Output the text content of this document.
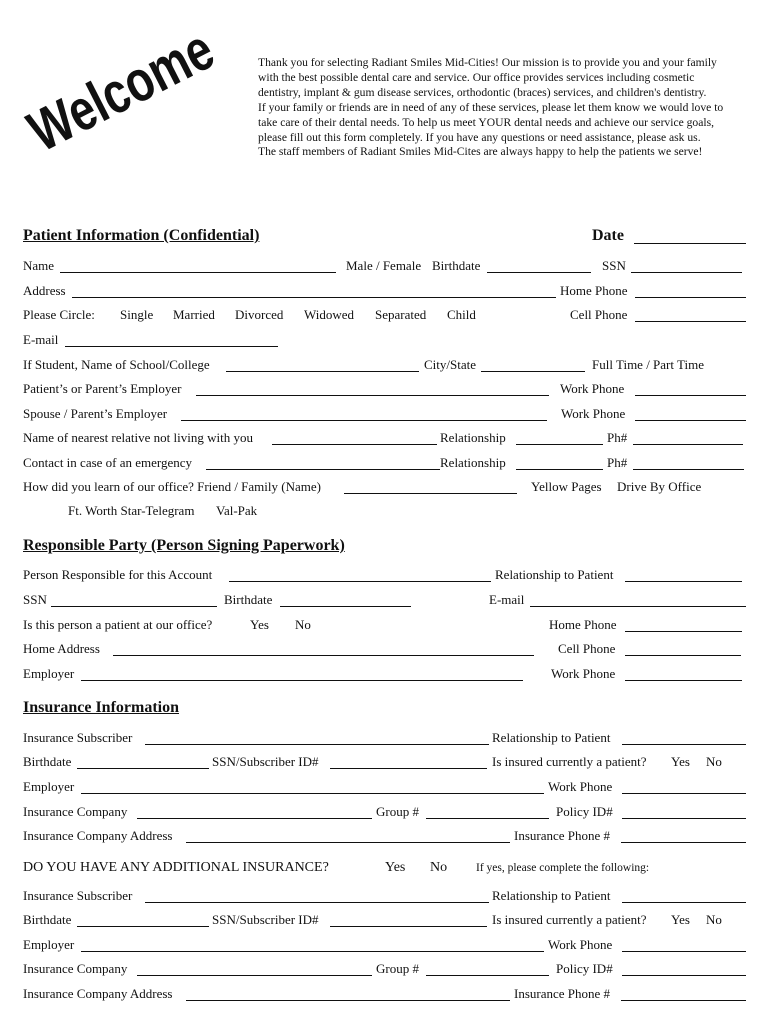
Welcome	Thank you for selecting Radiant Smiles Mid-Cities! Our mission is to provide you and your family
with the best possible dental care and service. Our office provides services including cosmetic
dentistry, implant & gum disease services, orthodontic (braces) services, and children's dentistry.
If your family or friends are in need of any of these services, please let them know we would love to
take care of their dental needs. To help us meet YOUR dental needs and achieve our service goals,
please fill out this form completely. If you have any questions or need assistance, please ask us.
The staff members of Radiant Smiles Mid-Cites are always happy to help the patients we serve!
Patient Information (Confidential)	Date
Name	Male / Female Birthdate	SSN
Address	Home Phone
Please Circle: Single Married Divorced Widowed Separated Child	Cell Phone
E-mail
If Student, Name of School/College	City/State	Full Time / Part Time
Patient’s or Parent’s Employer	Work Phone
Spouse / Parent’s Employer	Work Phone
Name of nearest relative not living with you	Relationship	Ph#
Contact in case of an emergency	Relationship	Ph#
How did you learn of our office? Friend / Family (Name)	Yellow Pages Drive By Office
Ft. Worth Star-Telegram Val-Pak
Responsible Party (Person Signing Paperwork)
Person Responsible for this Account	Relationship to Patient
SSN	Birthdate	E-mail
Is this person a patient at our office?	Yes No	Home Phone
Home Address	Cell Phone
Employer	Work Phone
Insurance Information
Insurance Subscriber	Relationship to Patient
Birthdate	SSN/Subscriber ID#	Is insured currently a patient? Yes No
Employer	Work Phone
Insurance Company	Group #	Policy ID#
Insurance Company Address	Insurance Phone #
DO YOU HAVE ANY ADDITIONAL INSURANCE?	Yes No	If yes, please complete the following:
Insurance Subscriber	Relationship to Patient
Birthdate	SSN/Subscriber ID#	Is insured currently a patient? Yes No
Employer	Work Phone
Insurance Company	Group #	Policy ID#
Insurance Company Address	Insurance Phone #
